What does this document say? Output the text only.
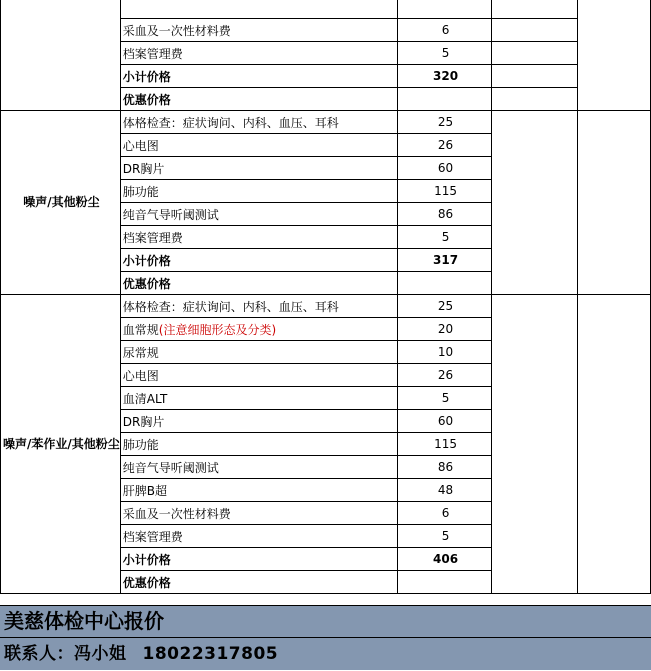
	采血及一次性材料费	6		
	档案管理费	5		
	小计价格	320		
	优惠价格			
噪声/其他粉尘	体格检查：症状询问、内科、血压、耳科	25		
	心电图	26		
	DR胸片	60		
	肺功能	115		
	纯音气导听阈测试	86		
	档案管理费	5		
	小计价格	317		
	优惠价格			
噪声/苯作业/其他粉尘	体格检查：症状询问、内科、血压、耳科	25		
	血常规(注意细胞形态及分类)	20		
	尿常规	10		
	心电图	26		
	血清ALT	5		
	DR胸片	60		
	肺功能	115		
	纯音气导听阈测试	86		
	肝脾B超	48		
	采血及一次性材料费	6		
	档案管理费	5		
	小计价格	406		
	优惠价格			
美慈体检中心报价
联系人：冯小姐 18022317805
